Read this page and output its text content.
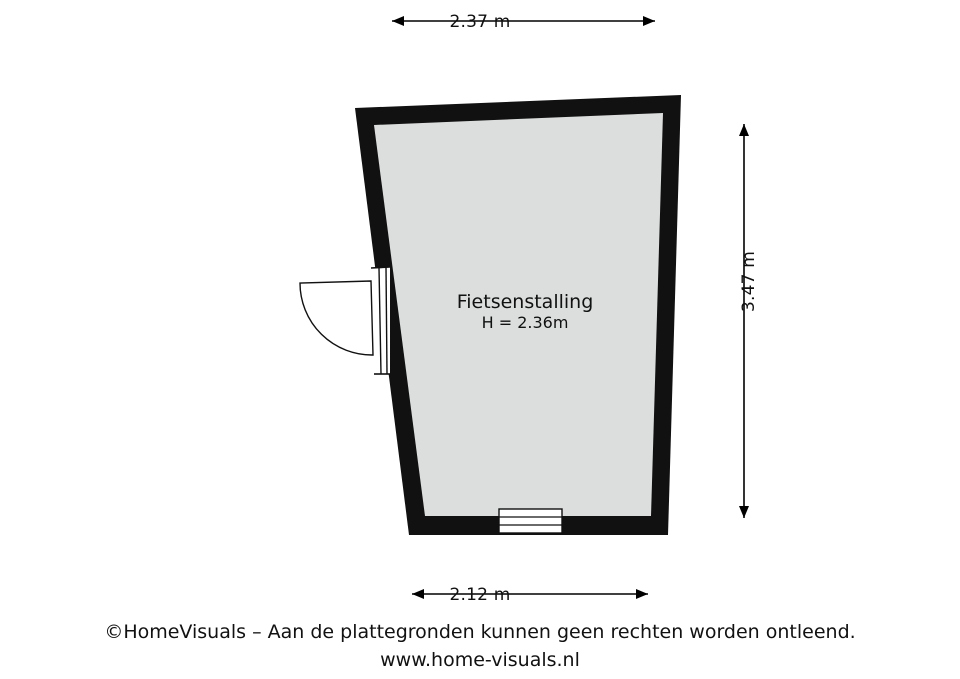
2.37 m
2.12 m
3.47 m
Fietsenstalling
H = 2.36m
©HomeVisuals – Aan de plattegronden kunnen geen rechten worden ontleend.
www.home-visuals.nl
